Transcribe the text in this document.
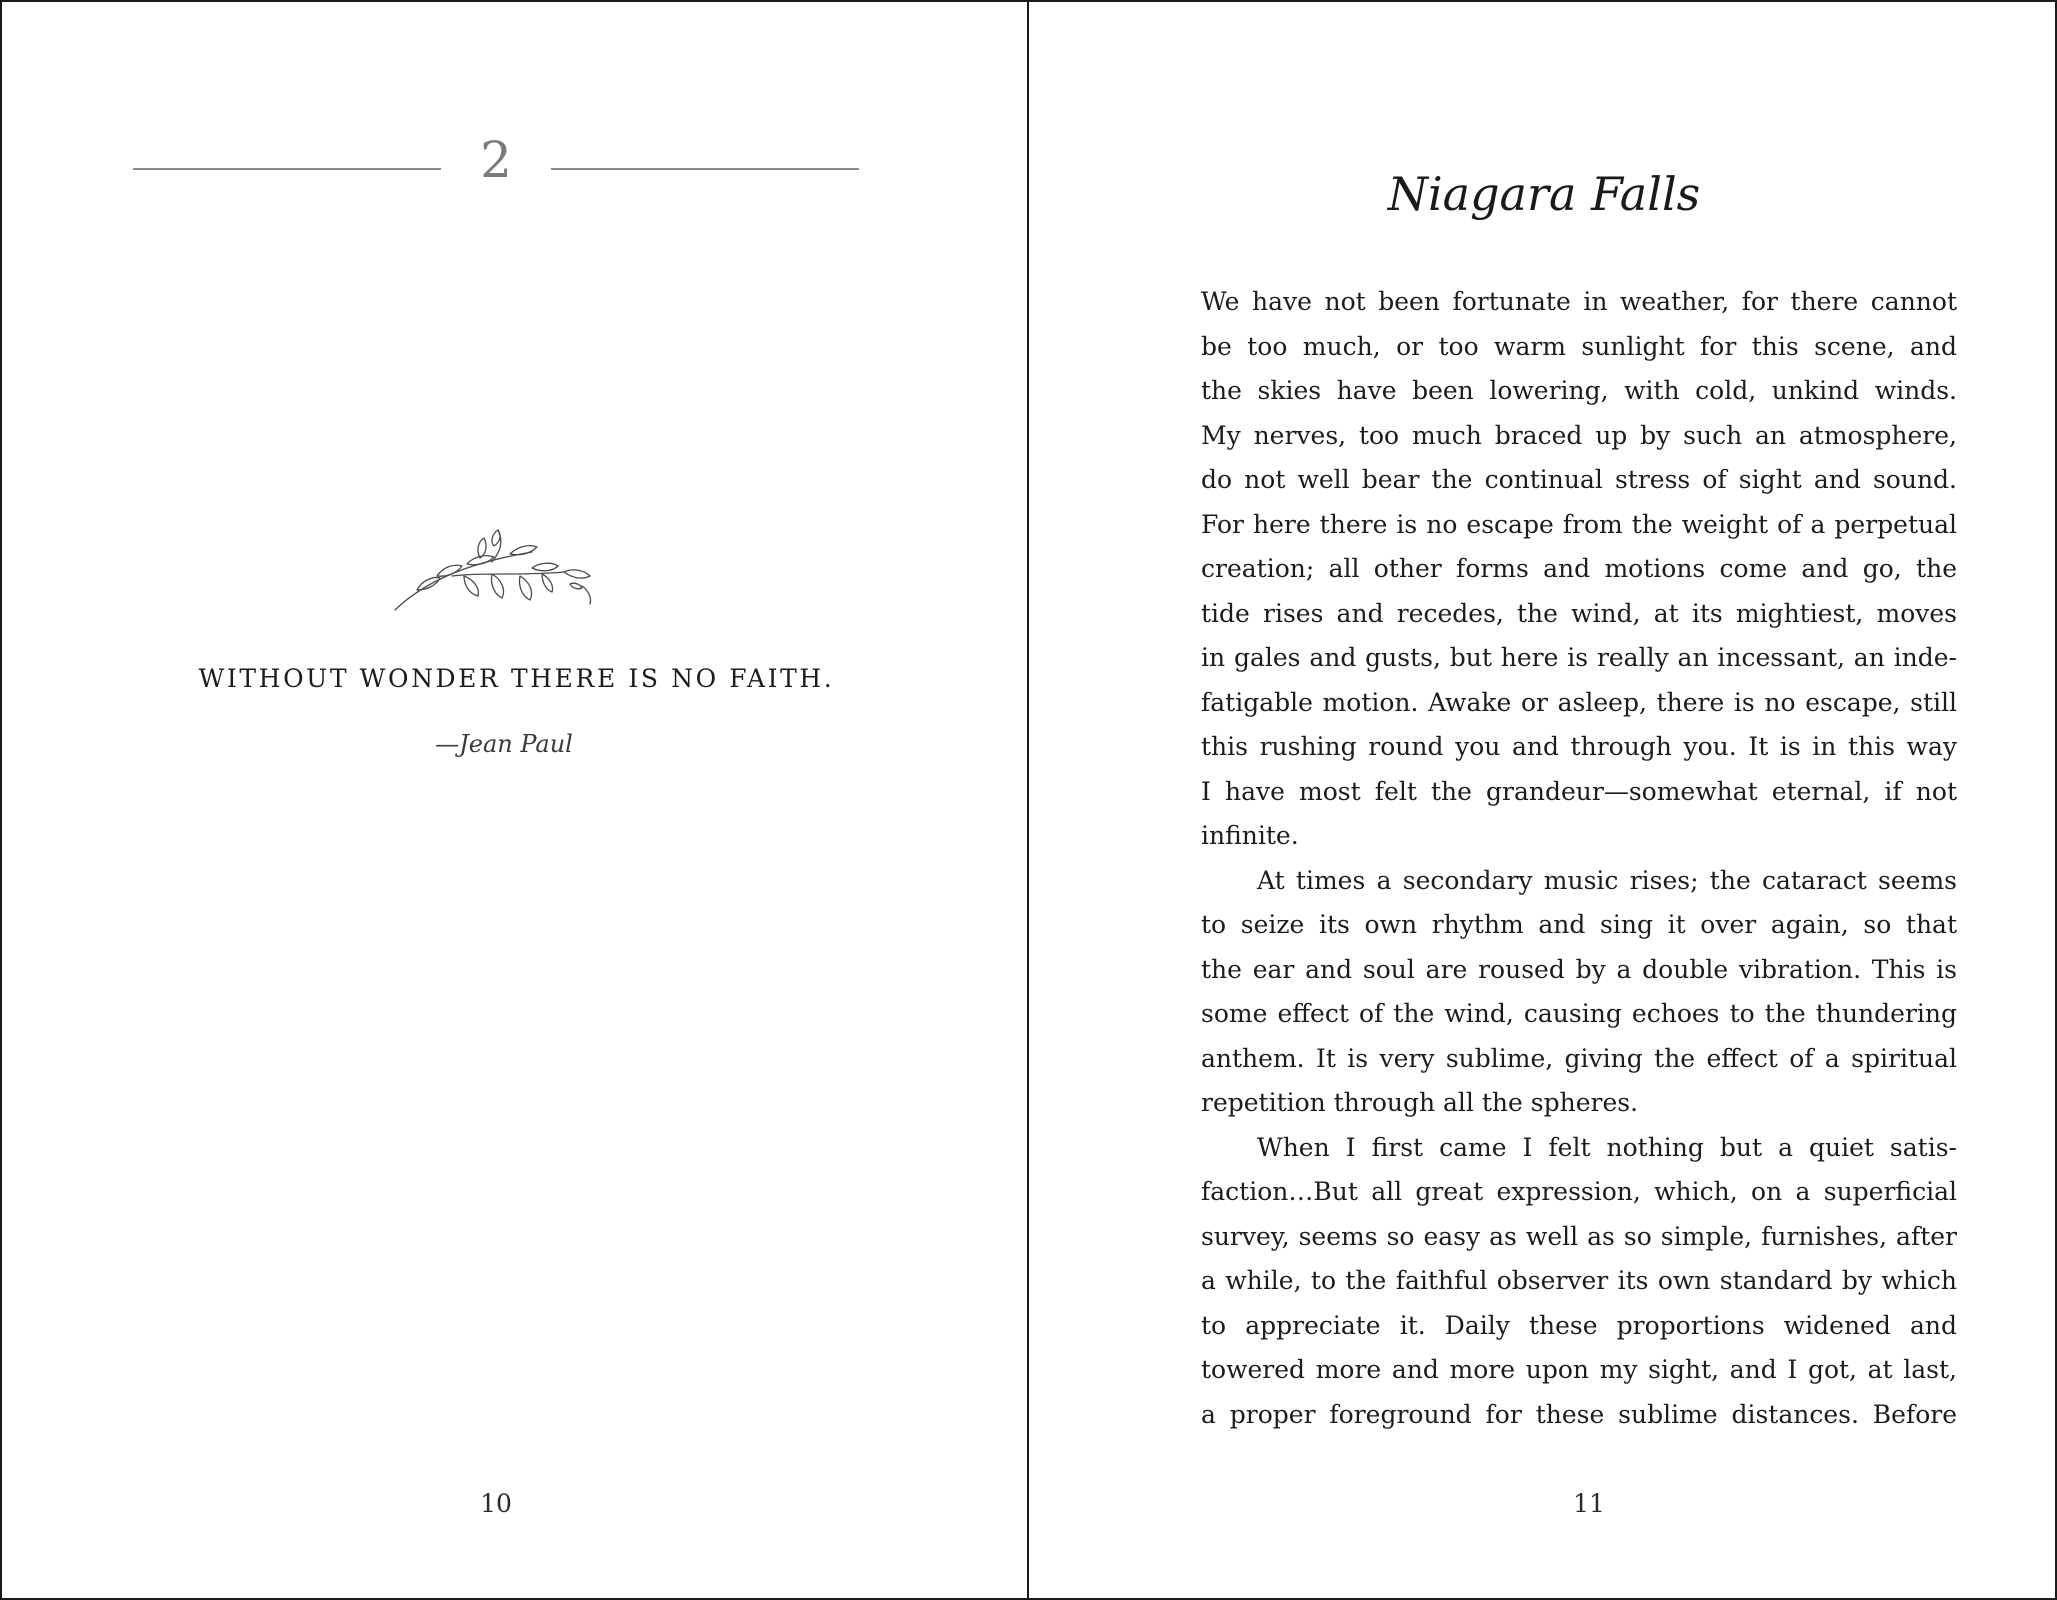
2
WITHOUT WONDER THERE IS NO FAITH.
—Jean Paul
10
Niagara Falls
We have not been fortunate in weather, for there cannot
be too much, or too warm sunlight for this scene, and
the skies have been lowering, with cold, unkind winds.
My nerves, too much braced up by such an atmosphere,
do not well bear the continual stress of sight and sound.
For here there is no escape from the weight of a perpetual
creation; all other forms and motions come and go, the
tide rises and recedes, the wind, at its mightiest, moves
in gales and gusts, but here is really an incessant, an inde-
fatigable motion. Awake or asleep, there is no escape, still
this rushing round you and through you. It is in this way
I have most felt the grandeur—somewhat eternal, if not
infinite.
At times a secondary music rises; the cataract seems
to seize its own rhythm and sing it over again, so that
the ear and soul are roused by a double vibration. This is
some effect of the wind, causing echoes to the thundering
anthem. It is very sublime, giving the effect of a spiritual
repetition through all the spheres.
When I first came I felt nothing but a quiet satis-
faction…But all great expression, which, on a superficial
survey, seems so easy as well as so simple, furnishes, after
a while, to the faithful observer its own standard by which
to appreciate it. Daily these proportions widened and
towered more and more upon my sight, and I got, at last,
a proper foreground for these sublime distances. Before
11
